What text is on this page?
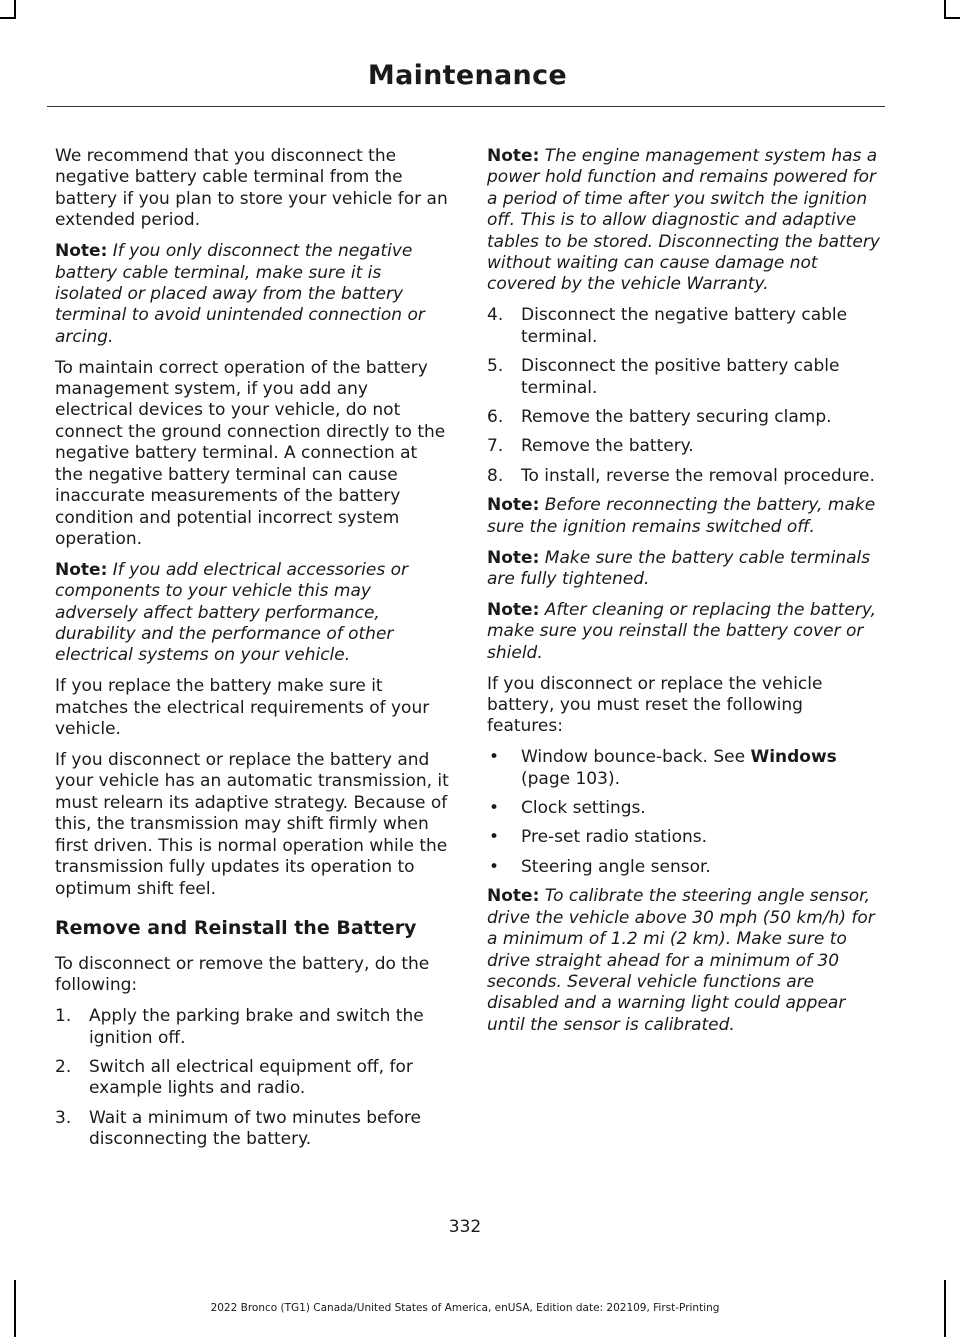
Maintenance

We recommend that you disconnect the negative battery cable terminal from the battery if you plan to store your vehicle for an extended period.

Note: If you only disconnect the negative battery cable terminal, make sure it is isolated or placed away from the battery terminal to avoid unintended connection or arcing.

To maintain correct operation of the battery management system, if you add any electrical devices to your vehicle, do not connect the ground connection directly to the negative battery terminal. A connection at the negative battery terminal can cause inaccurate measurements of the battery condition and potential incorrect system operation.

Note: If you add electrical accessories or components to your vehicle this may adversely affect battery performance, durability and the performance of other electrical systems on your vehicle.

If you replace the battery make sure it matches the electrical requirements of your vehicle.

If you disconnect or replace the battery and your vehicle has an automatic transmission, it must relearn its adaptive strategy. Because of this, the transmission may shift firmly when first driven. This is normal operation while the transmission fully updates its operation to optimum shift feel.

Remove and Reinstall the Battery

To disconnect or remove the battery, do the following:

1. Apply the parking brake and switch the ignition off.
2. Switch all electrical equipment off, for example lights and radio.
3. Wait a minimum of two minutes before disconnecting the battery.

Note: The engine management system has a power hold function and remains powered for a period of time after you switch the ignition off. This is to allow diagnostic and adaptive tables to be stored. Disconnecting the battery without waiting can cause damage not covered by the vehicle Warranty.

4. Disconnect the negative battery cable terminal.
5. Disconnect the positive battery cable terminal.
6. Remove the battery securing clamp.
7. Remove the battery.
8. To install, reverse the removal procedure.

Note: Before reconnecting the battery, make sure the ignition remains switched off.

Note: Make sure the battery cable terminals are fully tightened.

Note: After cleaning or replacing the battery, make sure you reinstall the battery cover or shield.

If you disconnect or replace the vehicle battery, you must reset the following features:

• Window bounce-back. See Windows (page 103).
• Clock settings.
• Pre-set radio stations.
• Steering angle sensor.

Note: To calibrate the steering angle sensor, drive the vehicle above 30 mph (50 km/h) for a minimum of 1.2 mi (2 km). Make sure to drive straight ahead for a minimum of 30 seconds. Several vehicle functions are disabled and a warning light could appear until the sensor is calibrated.

332
2022 Bronco (TG1) Canada/United States of America, enUSA, Edition date: 202109, First-Printing
